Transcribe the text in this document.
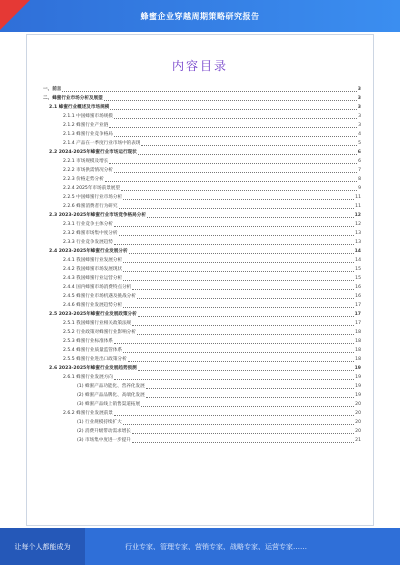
蜂蜜企业穿越周期策略研究报告
内容目录
一、前言	3
二、蜂蜜行业市场分析及展望	3
2.1 蜂蜜行业概述及市场规模	3
2.1.1 中国蜂蜜市场规模	3
2.1.2 蜂蜜行业产业链	3
2.1.3 蜂蜜行业竞争格局	4
2.1.4 产品在一季度行业市场中的表现	5
2.2 2024-2025年蜂蜜行业市场运行现状	6
2.2.1 市场规模及增长	6
2.2.2 市场供需情况分析	7
2.2.3 价格走势分析	8
2.2.4 2025年市场前景展望	9
2.2.5 中国蜂蜜行业市场分析	11
2.2.6 蜂蜜消费者行为研究	11
2.3 2023-2025年蜂蜜行业市场竞争格局分析	12
2.3.1 行业竞争主体分析	12
2.3.2 蜂蜜市场集中度分析	13
2.3.3 行业竞争发展趋势	13
2.4 2023-2025年蜂蜜行业发展分析	14
2.4.1 我国蜂蜜行业发展分析	14
2.4.2 我国蜂蜜市场发展现状	15
2.4.3 我国蜂蜜行业运营分析	15
2.4.4 国内蜂蜜市场消费特点分析	16
2.4.5 蜂蜜行业市场机遇及挑战分析	16
2.4.6 蜂蜜行业发展趋势分析	17
2.5 2023-2025年蜂蜜行业发展政策分析	17
2.5.1 我国蜂蜜行业相关政策法规	17
2.5.2 行业政策对蜂蜜行业影响分析	18
2.5.3 蜂蜜行业标准体系	18
2.5.4 蜂蜜行业质量监管体系	18
2.5.5 蜂蜜行业进出口政策分析	18
2.6 2023-2025年蜂蜜行业发展趋势预测	19
2.6.1 蜂蜜行业发展方向	19
(1) 蜂蜜产品功能化、营养化发展	19
(2) 蜂蜜产品品牌化、高端化发展	19
(3) 蜂蜜产品线上销售渠道拓展	20
2.6.2 蜂蜜行业发展前景	20
(1) 行业规模持续扩大	20
(2) 消费升级带动需求增长	20
(3) 市场集中度进一步提升	21
让每个人都能成为	行业专家、管理专家、营销专家、战略专家、运营专家……
